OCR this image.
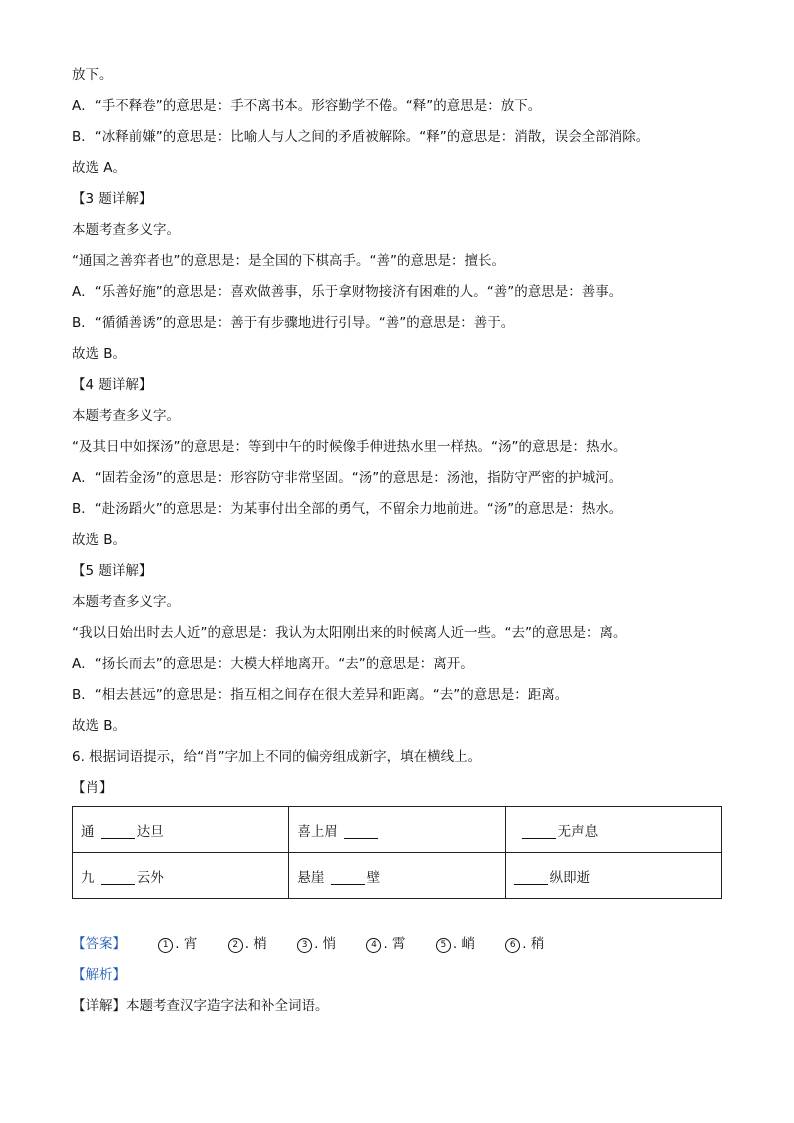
放下。
A．“手不释卷”的意思是：手不离书本。形容勤学不倦。“释”的意思是：放下。
B．“冰释前嫌”的意思是：比喻人与人之间的矛盾被解除。“释”的意思是：消散，误会全部消除。
故选 A。
【3 题详解】
本题考查多义字。
“通国之善弈者也”的意思是：是全国的下棋高手。“善”的意思是：擅长。
A．“乐善好施”的意思是：喜欢做善事，乐于拿财物接济有困难的人。“善”的意思是：善事。
B．“循循善诱”的意思是：善于有步骤地进行引导。“善”的意思是：善于。
故选 B。
【4 题详解】
本题考查多义字。
“及其日中如探汤”的意思是：等到中午的时候像手伸进热水里一样热。“汤”的意思是：热水。
A．“固若金汤”的意思是：形容防守非常坚固。“汤”的意思是：汤池，指防守严密的护城河。
B．“赴汤蹈火”的意思是：为某事付出全部的勇气，不留余力地前进。“汤”的意思是：热水。
故选 B。
【5 题详解】
本题考查多义字。
“我以日始出时去人近”的意思是：我认为太阳刚出来的时候离人近一些。“去”的意思是：离。
A．“扬长而去”的意思是：大模大样地离开。“去”的意思是：离开。
B．“相去甚远”的意思是：指互相之间存在很大差异和距离。“去”的意思是：距离。
故选 B。
6. 根据词语提示，给“肖”字加上不同的偏旁组成新字，填在横线上。
【肖】
通 达旦	喜上眉	无声息
九 云外	悬崖 壁	纵即逝
【答案】	1 . 宵	2 . 梢	3 . 悄	4 . 霄	5 . 峭	6 . 稍
【解析】
【详解】本题考查汉字造字法和补全词语。
